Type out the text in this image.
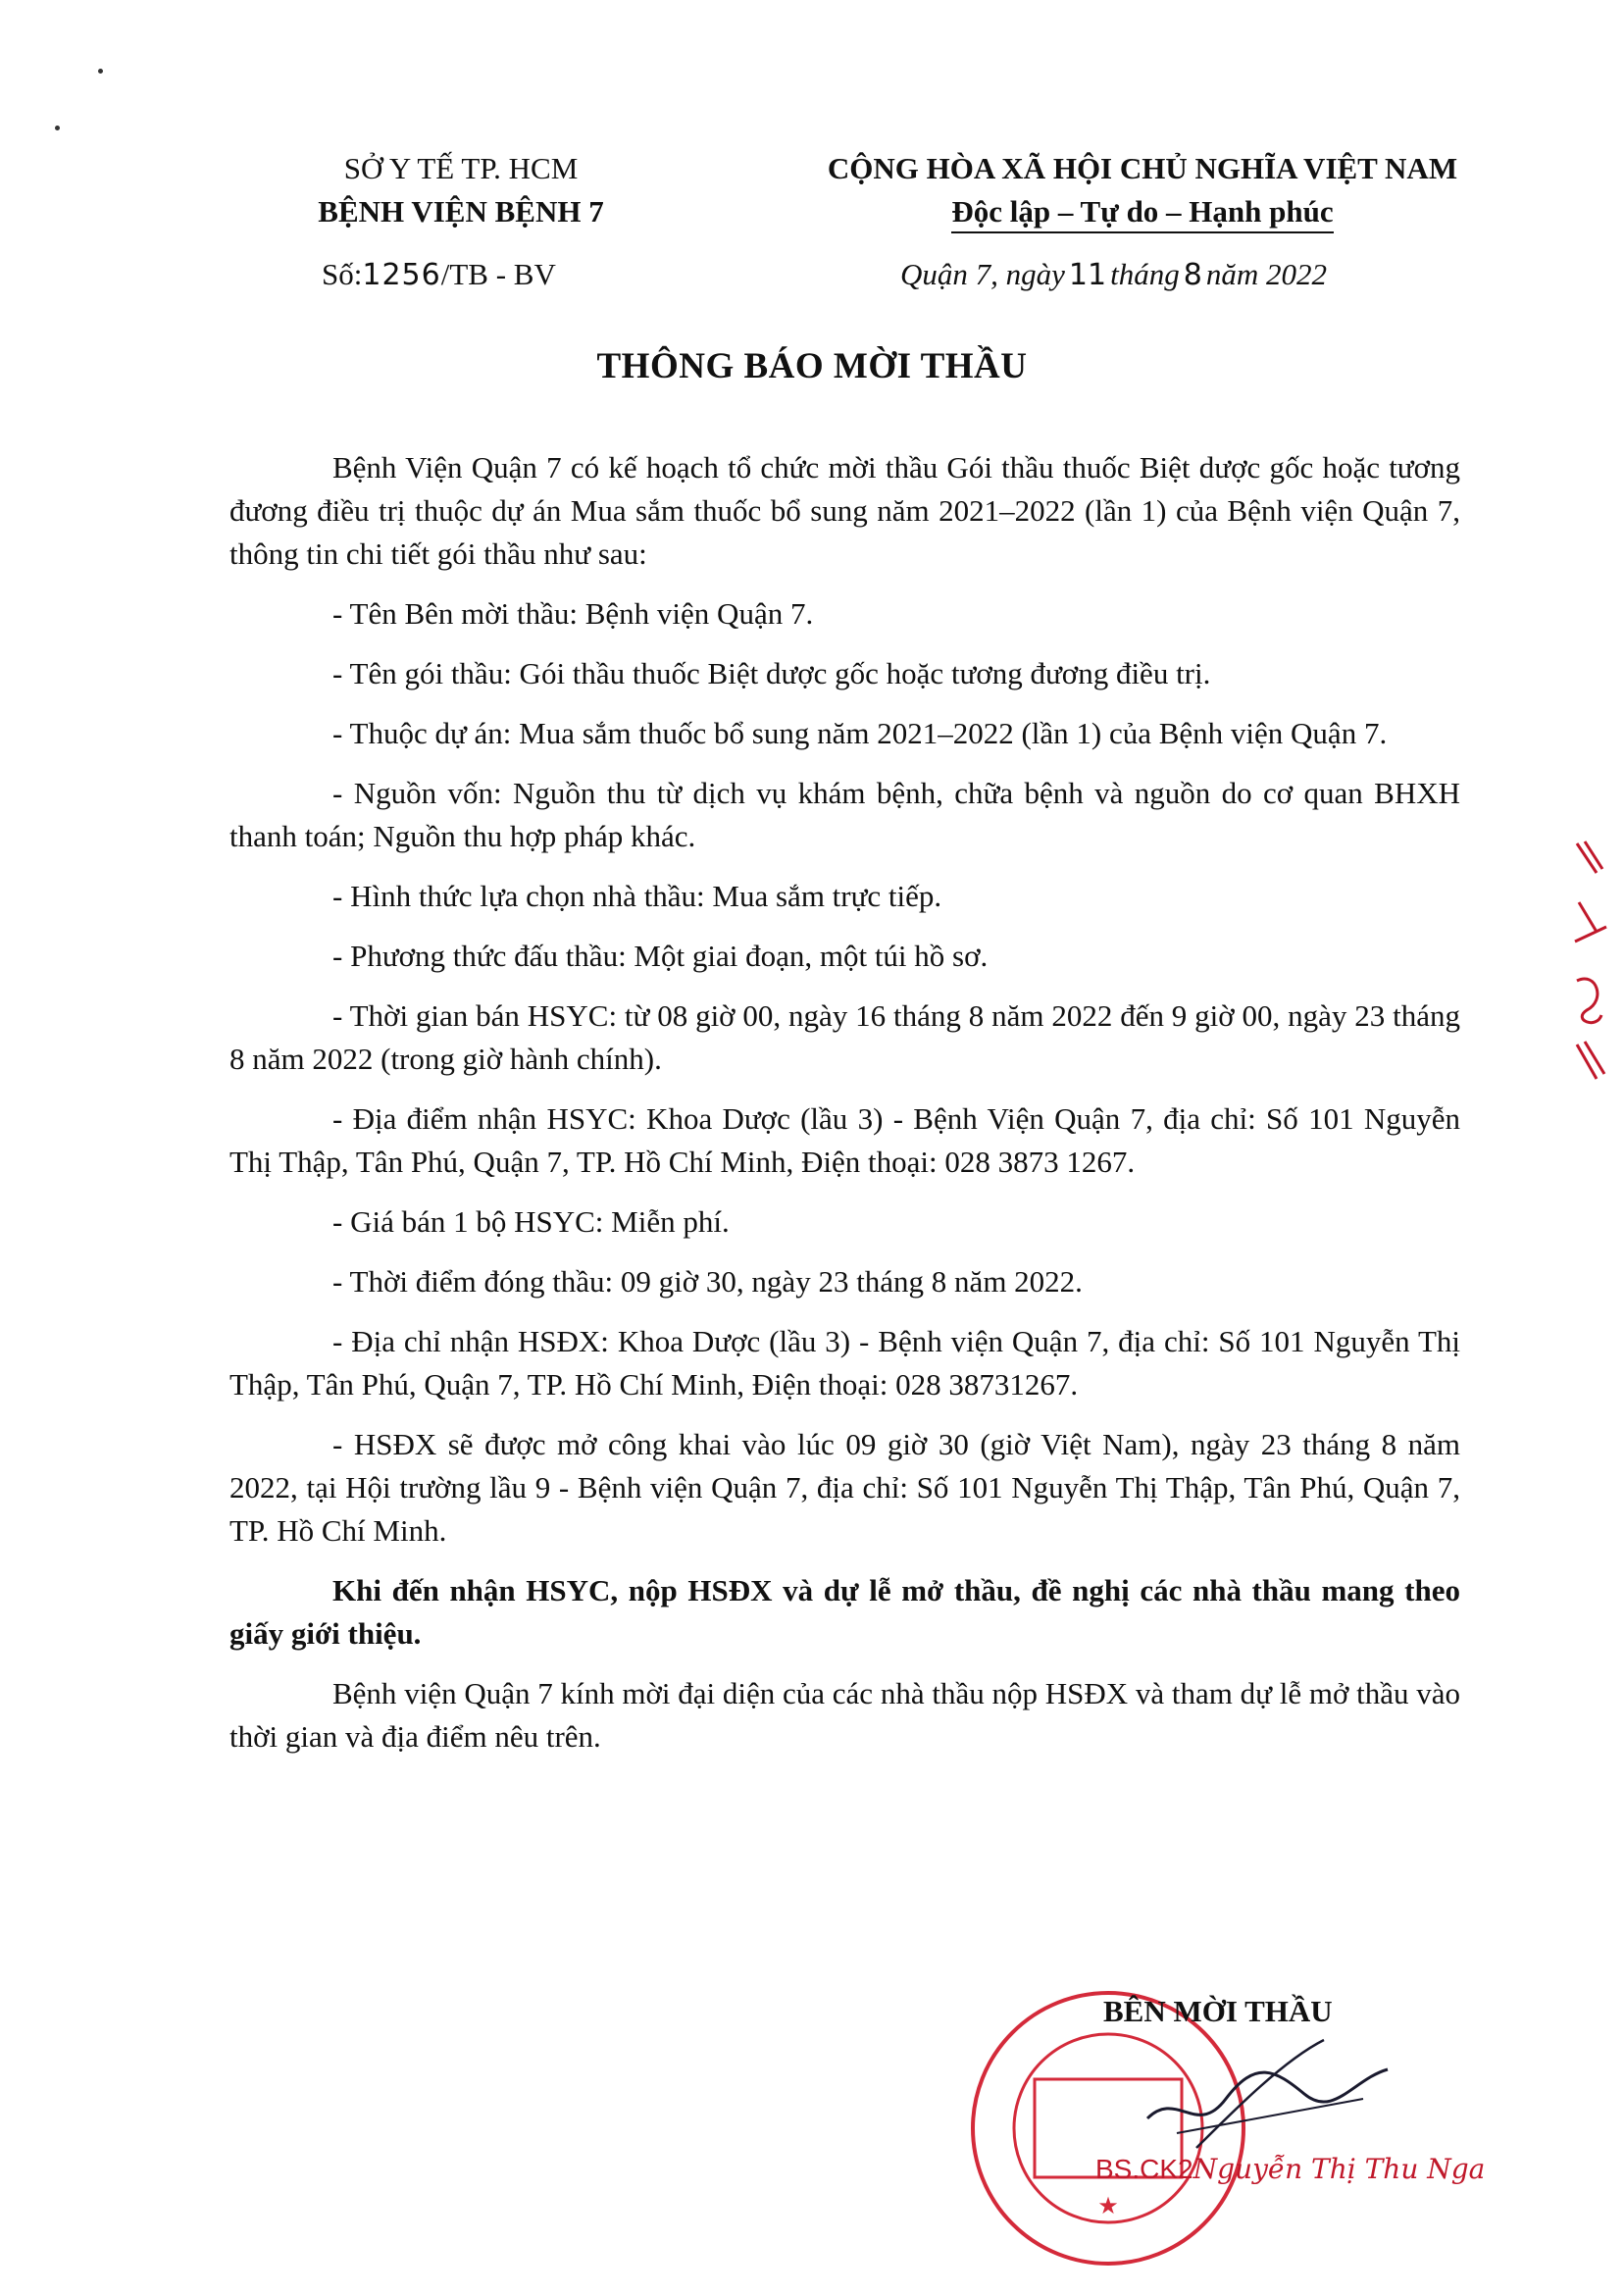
SỞ Y TẾ TP. HCM
BỆNH VIỆN BỆNH 7
CỘNG HÒA XÃ HỘI CHỦ NGHĨA VIỆT NAM
Độc lập – Tự do – Hạnh phúc
Số:1256/TB - BV	Quận 7, ngày 11 tháng 8 năm 2022
THÔNG BÁO MỜI THẦU

Bệnh Viện Quận 7 có kế hoạch tổ chức mời thầu Gói thầu thuốc Biệt dược gốc hoặc tương đương điều trị thuộc dự án Mua sắm thuốc bổ sung năm 2021–2022 (lần 1) của Bệnh viện Quận 7, thông tin chi tiết gói thầu như sau:

- Tên Bên mời thầu: Bệnh viện Quận 7.

- Tên gói thầu: Gói thầu thuốc Biệt dược gốc hoặc tương đương điều trị.

- Thuộc dự án: Mua sắm thuốc bổ sung năm 2021–2022 (lần 1) của Bệnh viện Quận 7.

- Nguồn vốn: Nguồn thu từ dịch vụ khám bệnh, chữa bệnh và nguồn do cơ quan BHXH thanh toán; Nguồn thu hợp pháp khác.

- Hình thức lựa chọn nhà thầu: Mua sắm trực tiếp.

- Phương thức đấu thầu: Một giai đoạn, một túi hồ sơ.

- Thời gian bán HSYC: từ 08 giờ 00, ngày 16 tháng 8 năm 2022 đến 9 giờ 00, ngày 23 tháng 8 năm 2022 (trong giờ hành chính).

- Địa điểm nhận HSYC: Khoa Dược (lầu 3) - Bệnh Viện Quận 7, địa chỉ: Số 101 Nguyễn Thị Thập, Tân Phú, Quận 7, TP. Hồ Chí Minh, Điện thoại: 028 3873 1267.

- Giá bán 1 bộ HSYC: Miễn phí.

- Thời điểm đóng thầu: 09 giờ 30, ngày 23 tháng 8 năm 2022.

- Địa chỉ nhận HSĐX: Khoa Dược (lầu 3) - Bệnh viện Quận 7, địa chỉ: Số 101 Nguyễn Thị Thập, Tân Phú, Quận 7, TP. Hồ Chí Minh, Điện thoại: 028 38731267.

- HSĐX sẽ được mở công khai vào lúc 09 giờ 30 (giờ Việt Nam), ngày 23 tháng 8 năm 2022, tại Hội trường lầu 9 - Bệnh viện Quận 7, địa chỉ: Số 101 Nguyễn Thị Thập, Tân Phú, Quận 7, TP. Hồ Chí Minh.

Khi đến nhận HSYC, nộp HSĐX và dự lễ mở thầu, đề nghị các nhà thầu mang theo giấy giới thiệu.

Bệnh viện Quận 7 kính mời đại diện của các nhà thầu nộp HSĐX và tham dự lễ mở thầu vào thời gian và địa điểm nêu trên.

★
BÊN MỜI THẦU
BS.CK2Nguyễn Thị Thu Nga
